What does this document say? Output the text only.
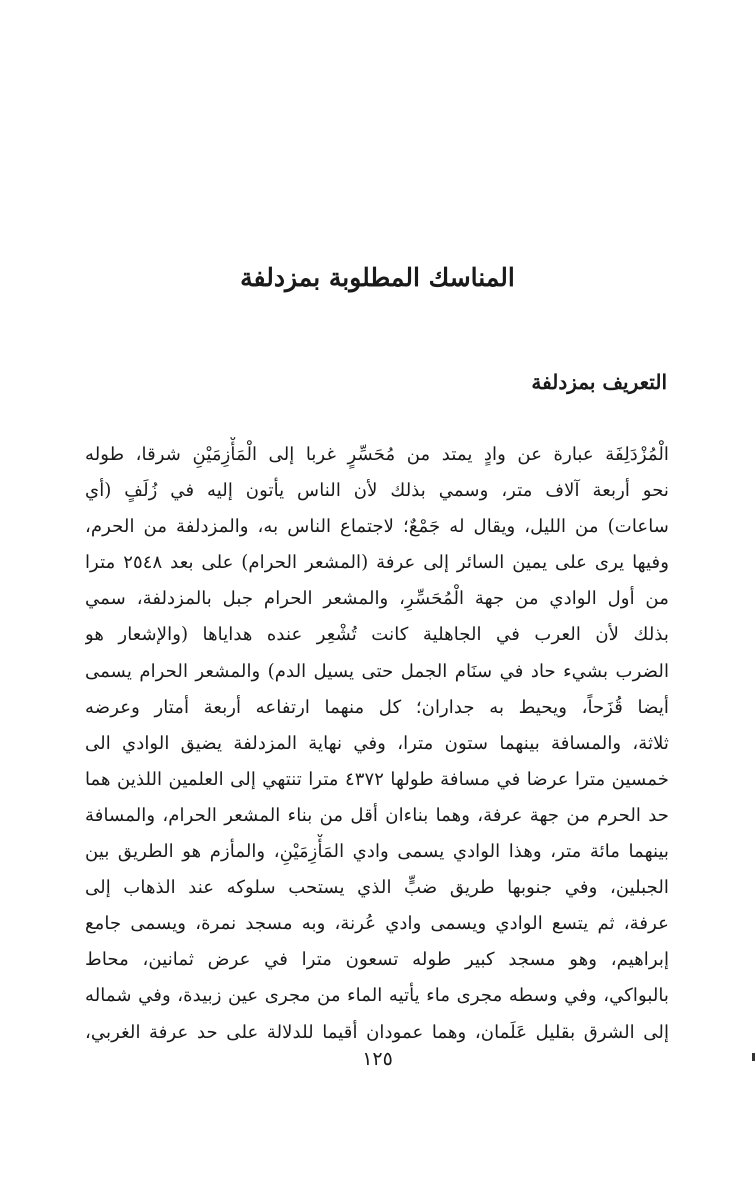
المناسك المطلوبة بمزدلفة
التعريف بمزدلفة
الْمُزْدَلِفَة عبارة عن وادٍ يمتد من مُحَسِّرٍ غربا إلى الْمَأْزِمَيْنِ شرقا، طوله
نحو أربعة آلاف متر، وسمي بذلك لأن الناس يأتون إليه في زُلَفٍ (أي
ساعات) من الليل، ويقال له جَمْعٌ؛ لاجتماع الناس به، والمزدلفة من الحرم،
وفيها يرى على يمين السائر إلى عرفة (المشعر الحرام) على بعد ٢٥٤٨ مترا
من أول الوادي من جهة الْمُحَسِّرِ، والمشعر الحرام جبل بالمزدلفة، سمي
بذلك لأن العرب في الجاهلية كانت تُشْعِر عنده هداياها (والإشعار هو
الضرب بشيء حاد في سنَام الجمل حتى يسيل الدم) والمشعر الحرام يسمى
أيضا قُزَحاً، ويحيط به جداران؛ كل منهما ارتفاعه أربعة أمتار وعرضه
ثلاثة، والمسافة بينهما ستون مترا، وفي نهاية المزدلفة يضيق الوادي الى
خمسين مترا عرضا في مسافة طولها ٤٣٧٢ مترا تنتهي إلى العلمين اللذين هما
حد الحرم من جهة عرفة، وهما بناءان أقل من بناء المشعر الحرام، والمسافة
بينهما مائة متر، وهذا الوادي يسمى وادي المَأْزِمَيْنِ، والمأزم هو الطريق بين
الجبلين، وفي جنوبها طريق ضبٍّ الذي يستحب سلوكه عند الذهاب إلى
عرفة، ثم يتسع الوادي ويسمى وادي عُرنة، وبه مسجد نمرة، ويسمى جامع
إبراهيم، وهو مسجد كبير طوله تسعون مترا في عرض ثمانين، محاط
بالبواكي، وفي وسطه مجرى ماء يأتيه الماء من مجرى عين زبيدة، وفي شماله
إلى الشرق بقليل عَلَمان، وهما عمودان أقيما للدلالة على حد عرفة الغربي،
١٢٥
